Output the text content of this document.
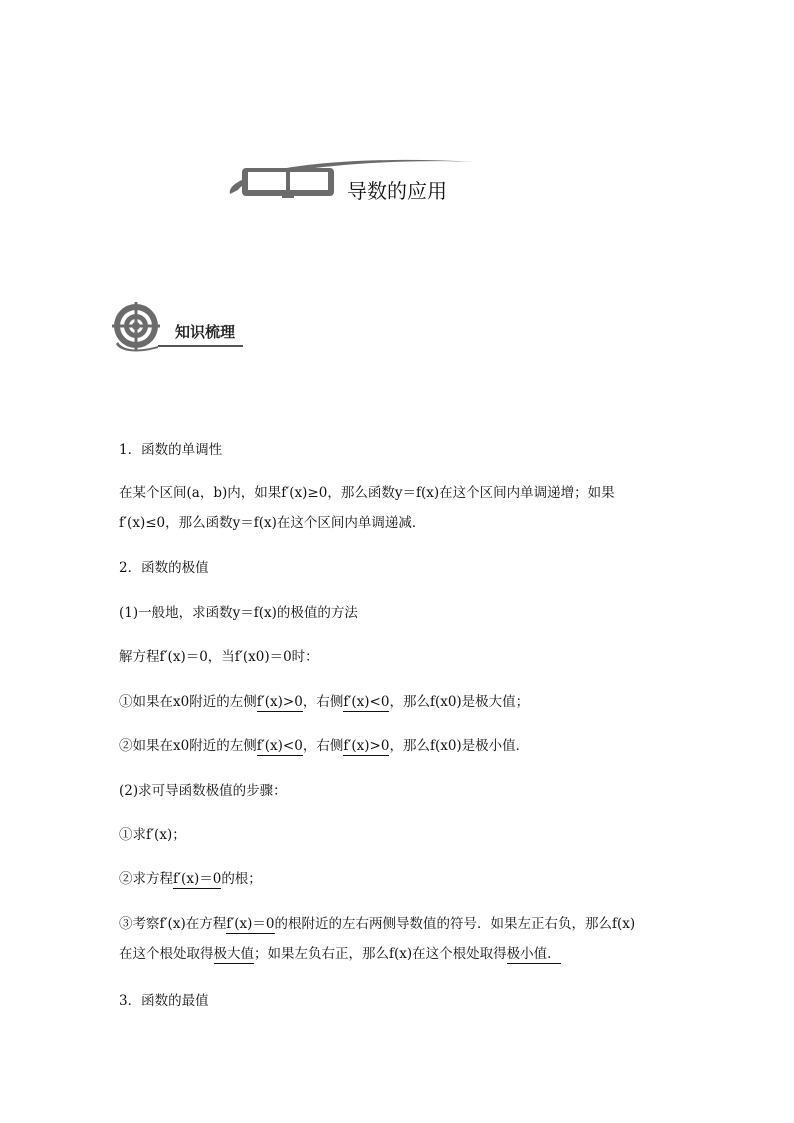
导数的应用
知识梳理
1．函数的单调性
在某个区间(a，b)内，如果f′(x)≥0，那么函数y＝f(x)在这个区间内单调递增；如果
f′(x)≤0，那么函数y＝f(x)在这个区间内单调递减．
2．函数的极值
(1)一般地，求函数y＝f(x)的极值的方法
解方程f′(x)＝0，当f′(x0)＝0时：
①如果在x0附近的左侧f′(x)>0，右侧f′(x)<0，那么f(x0)是极大值；
②如果在x0附近的左侧f′(x)<0，右侧f′(x)>0，那么f(x0)是极小值．
(2)求可导函数极值的步骤：
①求f′(x)；
②求方程f′(x)＝0的根；
③考察f′(x)在方程f′(x)＝0的根附近的左右两侧导数值的符号．如果左正右负，那么f(x)
在这个根处取得极大值；如果左负右正，那么f(x)在这个根处取得极小值．
3．函数的最值
